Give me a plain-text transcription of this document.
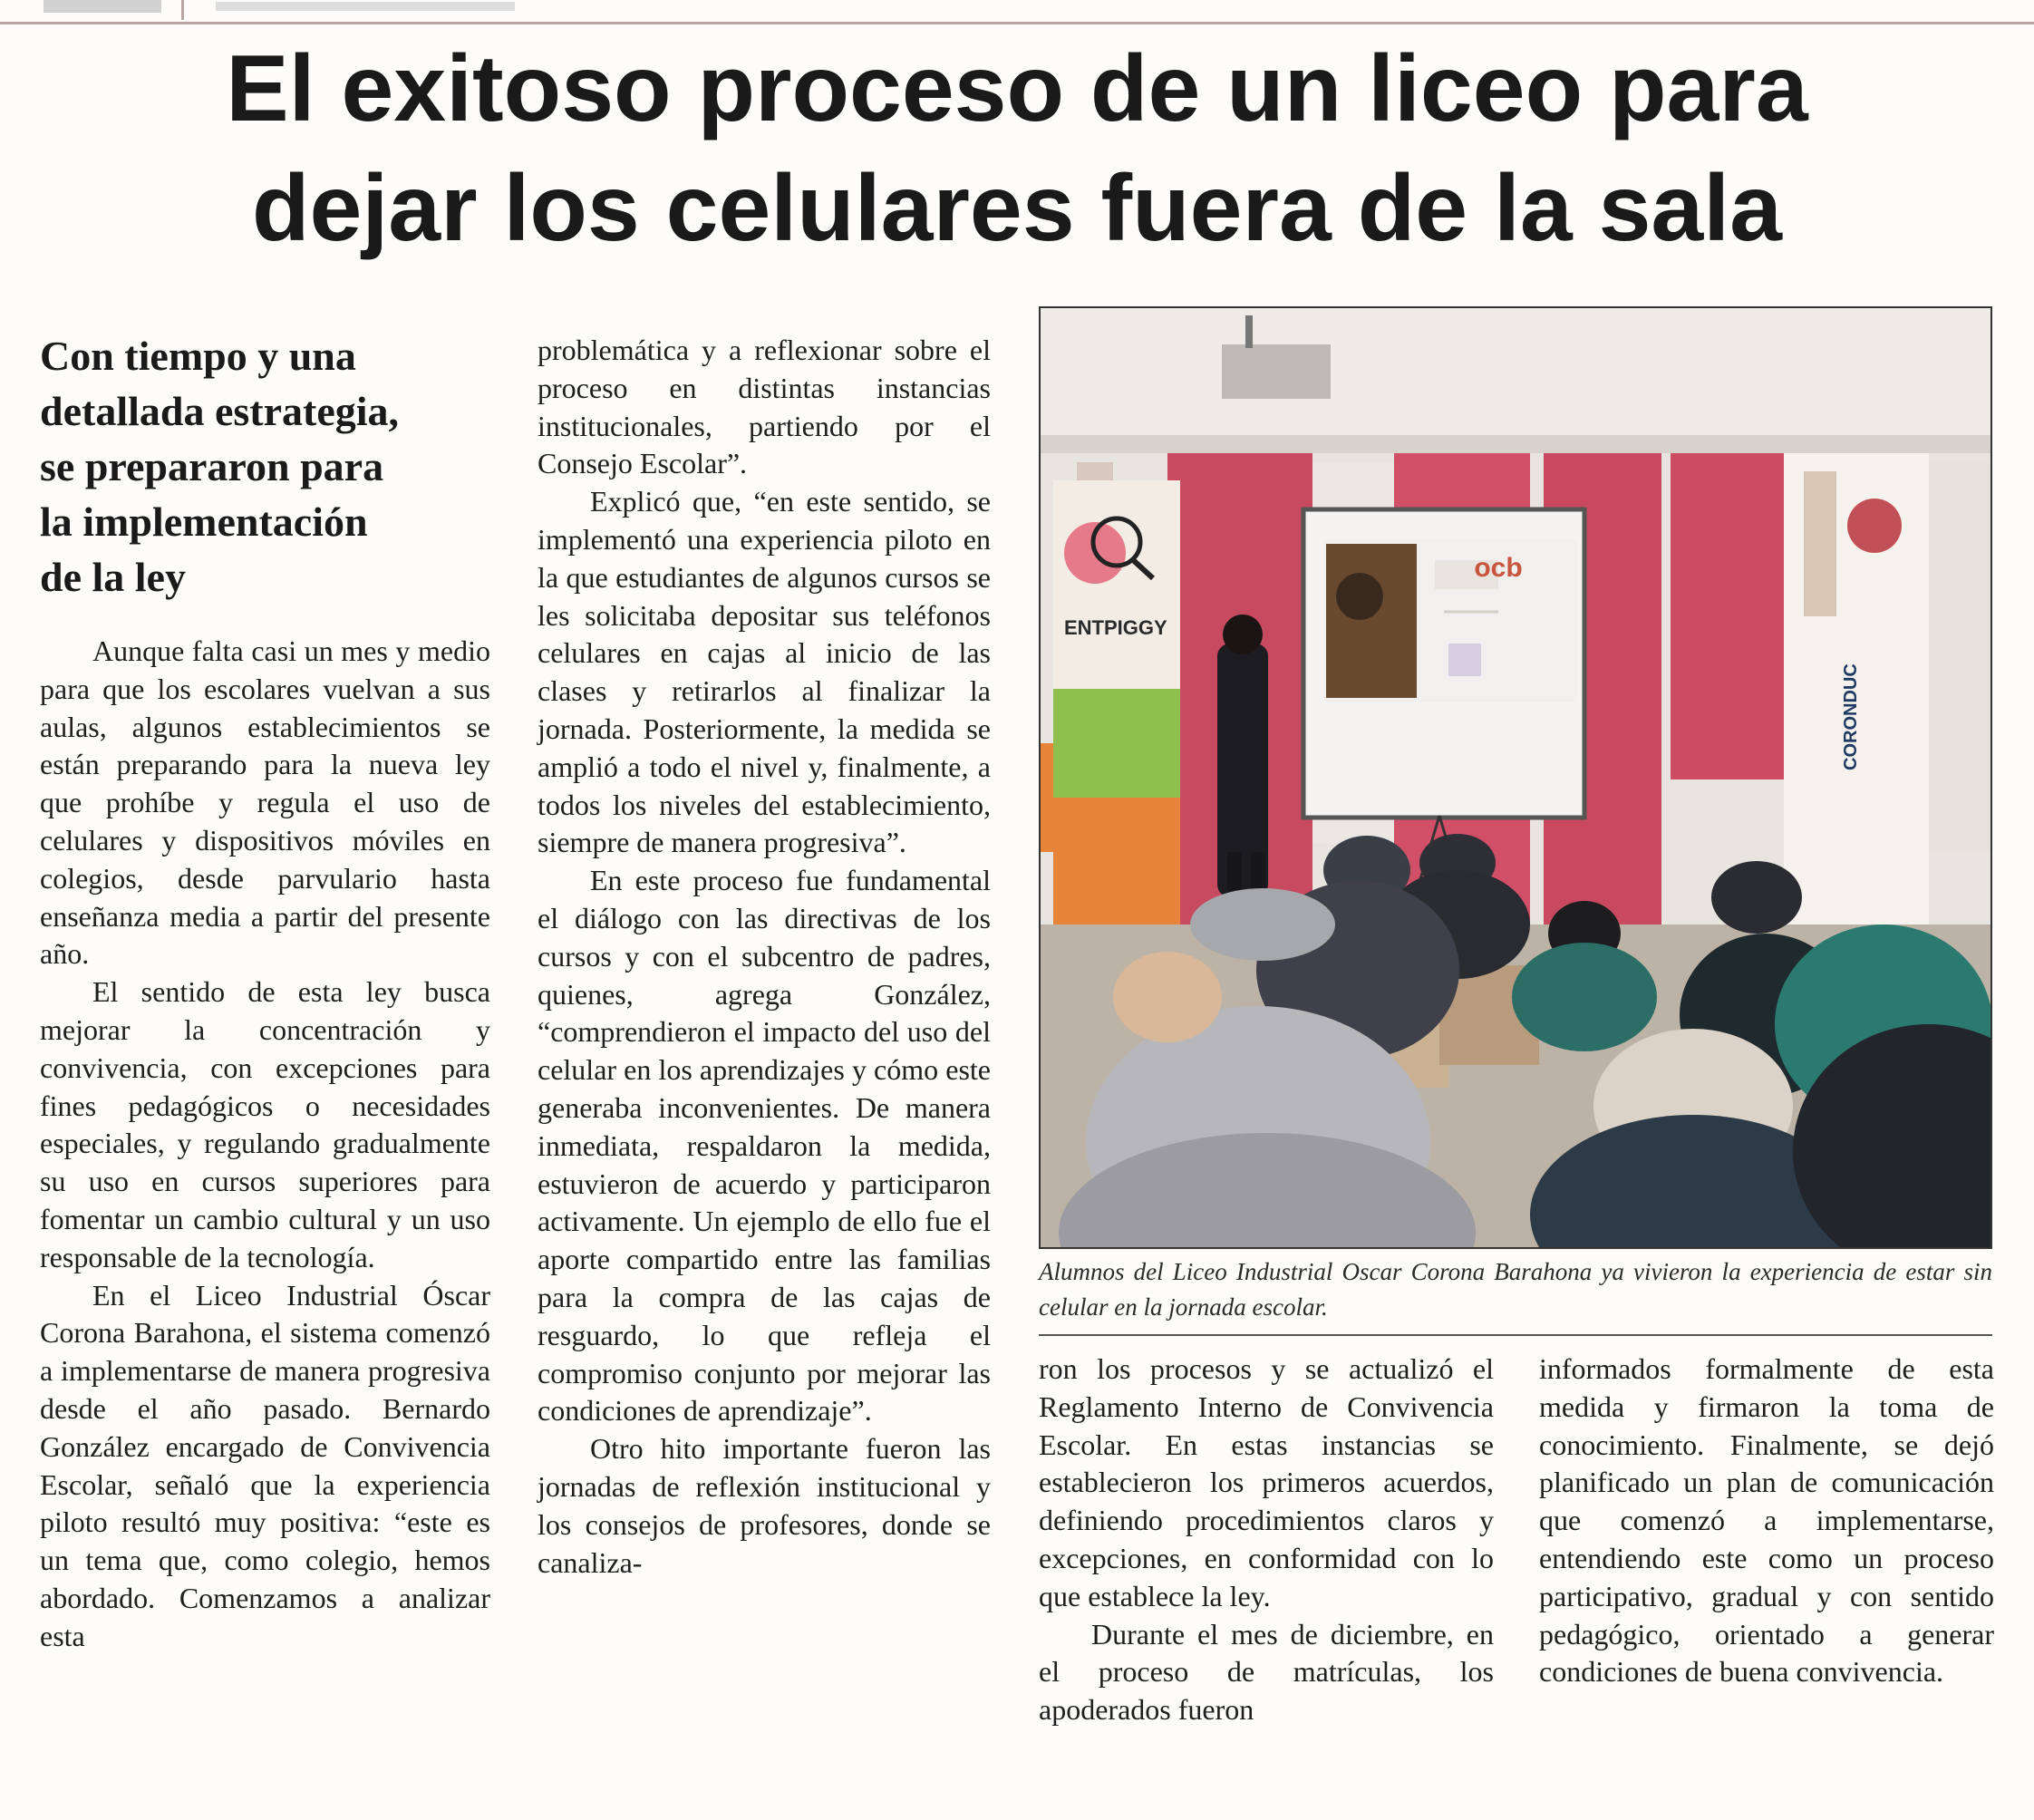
El exitoso proceso de un liceo para
dejar los celulares fuera de la sala
Con tiempo y una
detallada estrategia,
se prepararon para
la implementación
de la ley

Aunque falta casi un mes y medio para que los escolares vuelvan a sus aulas, algunos establecimientos se están preparando para la nueva ley que prohíbe y regula el uso de celulares y dispositivos móviles en colegios, desde parvulario hasta enseñanza media a partir del presente año.

El sentido de esta ley busca mejorar la concentración y convivencia, con excepciones para fines pedagógicos o necesidades especiales, y regulando gradualmente su uso en cursos superiores para fomentar un cambio cultural y un uso responsable de la tecnología.

En el Liceo Industrial Óscar Corona Barahona, el sistema comenzó a implementarse de manera progresiva desde el año pasado. Bernardo González encargado de Convivencia Escolar, señaló que la experiencia piloto resultó muy positiva: “este es un tema que, como colegio, hemos abordado. Comenzamos a analizar esta

problemática y a reflexionar sobre el proceso en distintas instancias institucionales, partiendo por el Consejo Escolar”.

Explicó que, “en este sentido, se implementó una experiencia piloto en la que estudiantes de algunos cursos se les solicitaba depositar sus teléfonos celulares en cajas al inicio de las clases y retirarlos al finalizar la jornada. Posteriormente, la medida se amplió a todo el nivel y, finalmente, a todos los niveles del establecimiento, siempre de manera progresiva”.

En este proceso fue fundamental el diálogo con las directivas de los cursos y con el subcentro de padres, quienes, agrega González, “comprendieron el impacto del uso del celular en los aprendizajes y cómo este generaba inconvenientes. De manera inmediata, respaldaron la medida, estuvieron de acuerdo y participaron activamente. Un ejemplo de ello fue el aporte compartido entre las familias para la compra de las cajas de resguardo, lo que refleja el compromiso conjunto por mejorar las condiciones de aprendizaje”.

Otro hito importante fueron las jornadas de reflexión institucional y los consejos de profesores, donde se canaliza-

ENTPIGGY
CORONDUC
ocb
Alumnos del Liceo Industrial Oscar Corona Barahona ya vivieron la experiencia de estar sin celular en la jornada escolar.

ron los procesos y se actualizó el Reglamento Interno de Convivencia Escolar. En estas instancias se establecieron los primeros acuerdos, definiendo procedimientos claros y excepciones, en conformidad con lo que establece la ley.

Durante el mes de diciembre, en el proceso de matrículas, los apoderados fueron

informados formalmente de esta medida y firmaron la toma de conocimiento. Finalmente, se dejó planificado un plan de comunicación que comenzó a implementarse, entendiendo este como un proceso participativo, gradual y con sentido pedagógico, orientado a generar condiciones de buena convivencia.
